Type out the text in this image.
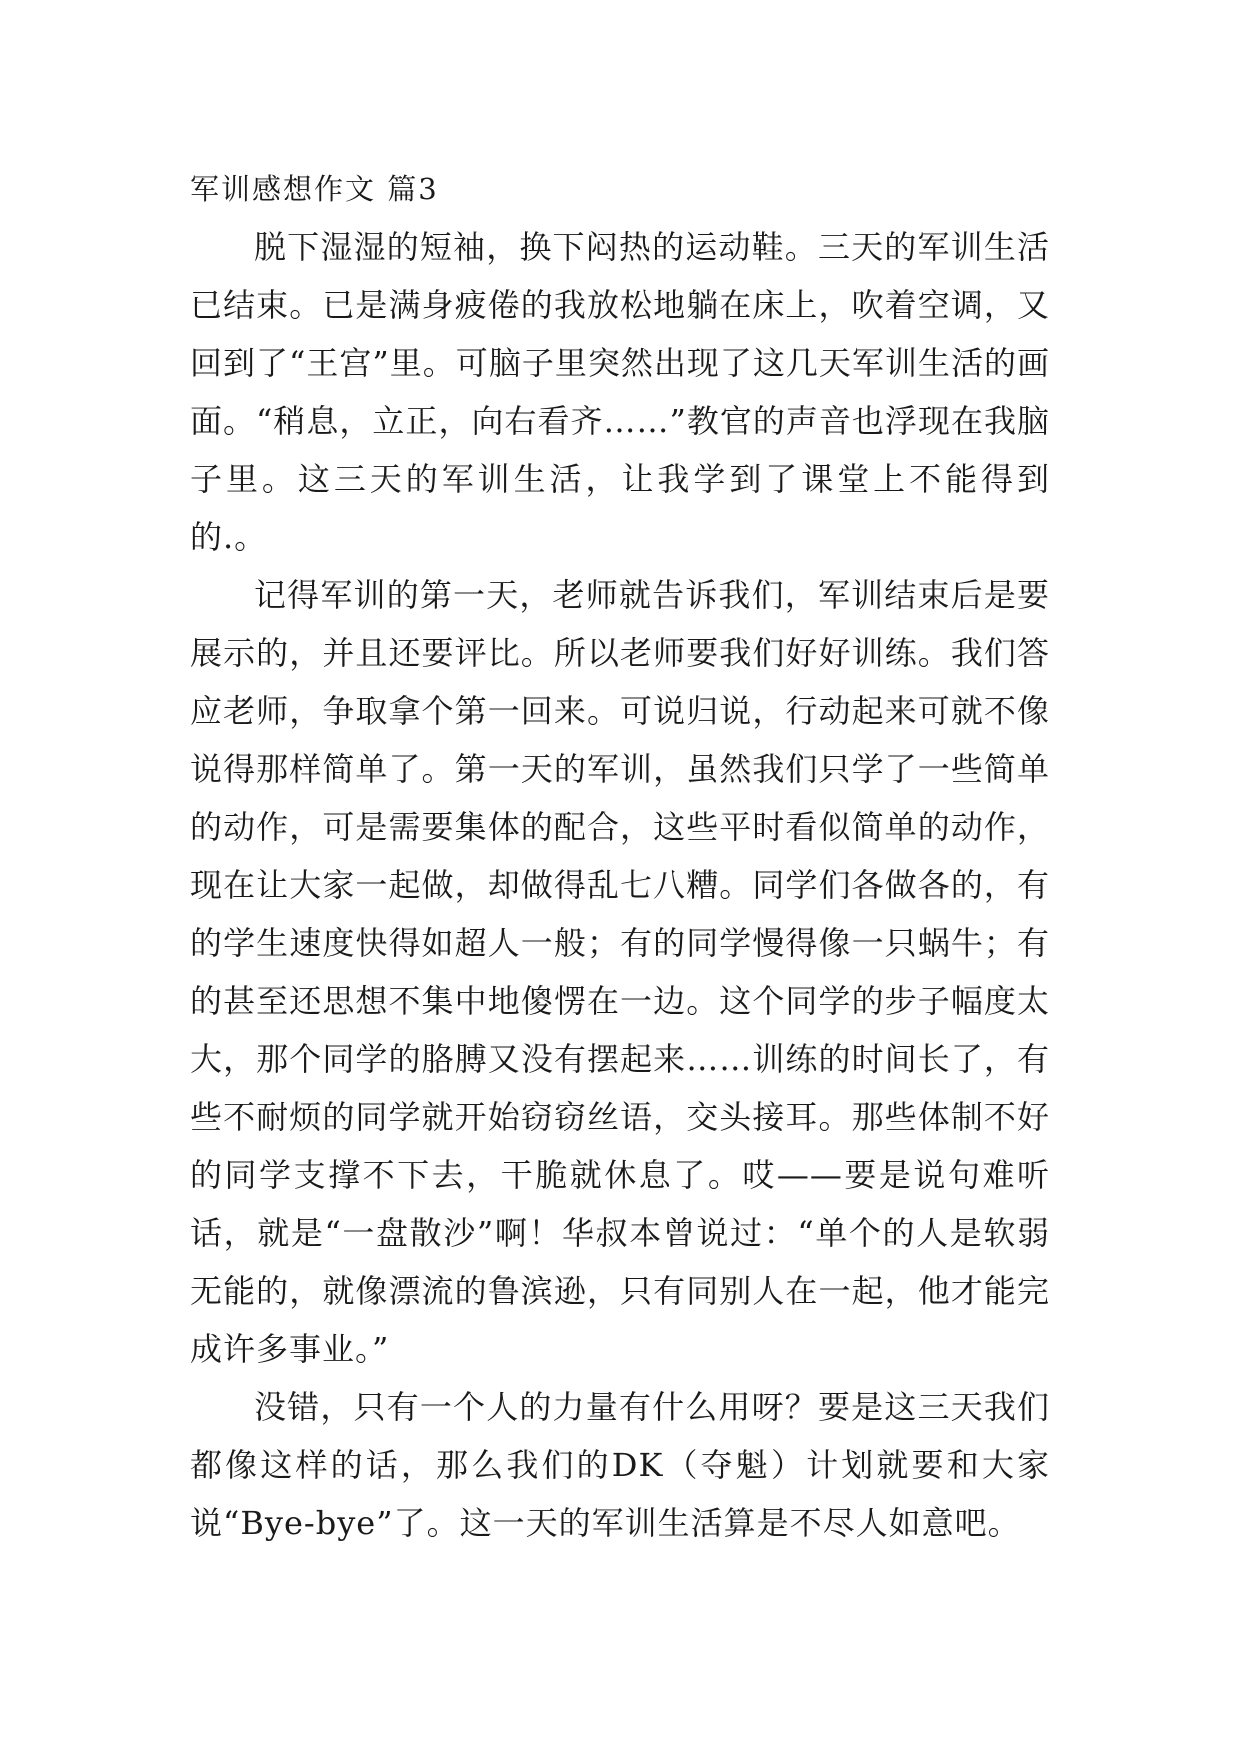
军训感想作文 篇3

脱下湿湿的短袖，换下闷热的运动鞋。三天的军训生活已结束。已是满身疲倦的我放松地躺在床上，吹着空调，又回到了“王宫”里。可脑子里突然出现了这几天军训生活的画面。“稍息，立正，向右看齐……”教官的声音也浮现在我脑子里。这三天的军训生活，让我学到了课堂上不能得到的.。

记得军训的第一天，老师就告诉我们，军训结束后是要展示的，并且还要评比。所以老师要我们好好训练。我们答应老师，争取拿个第一回来。可说归说，行动起来可就不像说得那样简单了。第一天的军训，虽然我们只学了一些简单的动作，可是需要集体的配合，这些平时看似简单的动作，现在让大家一起做，却做得乱七八糟。同学们各做各的，有的学生速度快得如超人一般；有的同学慢得像一只蜗牛；有的甚至还思想不集中地傻愣在一边。这个同学的步子幅度太大，那个同学的胳膊又没有摆起来……训练的时间长了，有些不耐烦的同学就开始窃窃丝语，交头接耳。那些体制不好的同学支撑不下去，干脆就休息了。哎——要是说句难听话，就是“一盘散沙”啊！华叔本曾说过：“单个的人是软弱无能的，就像漂流的鲁滨逊，只有同别人在一起，他才能完成许多事业。”

没错，只有一个人的力量有什么用呀？要是这三天我们都像这样的话，那么我们的DK（夺魁）计划就要和大家说“Bye-bye”了。这一天的军训生活算是不尽人如意吧。
